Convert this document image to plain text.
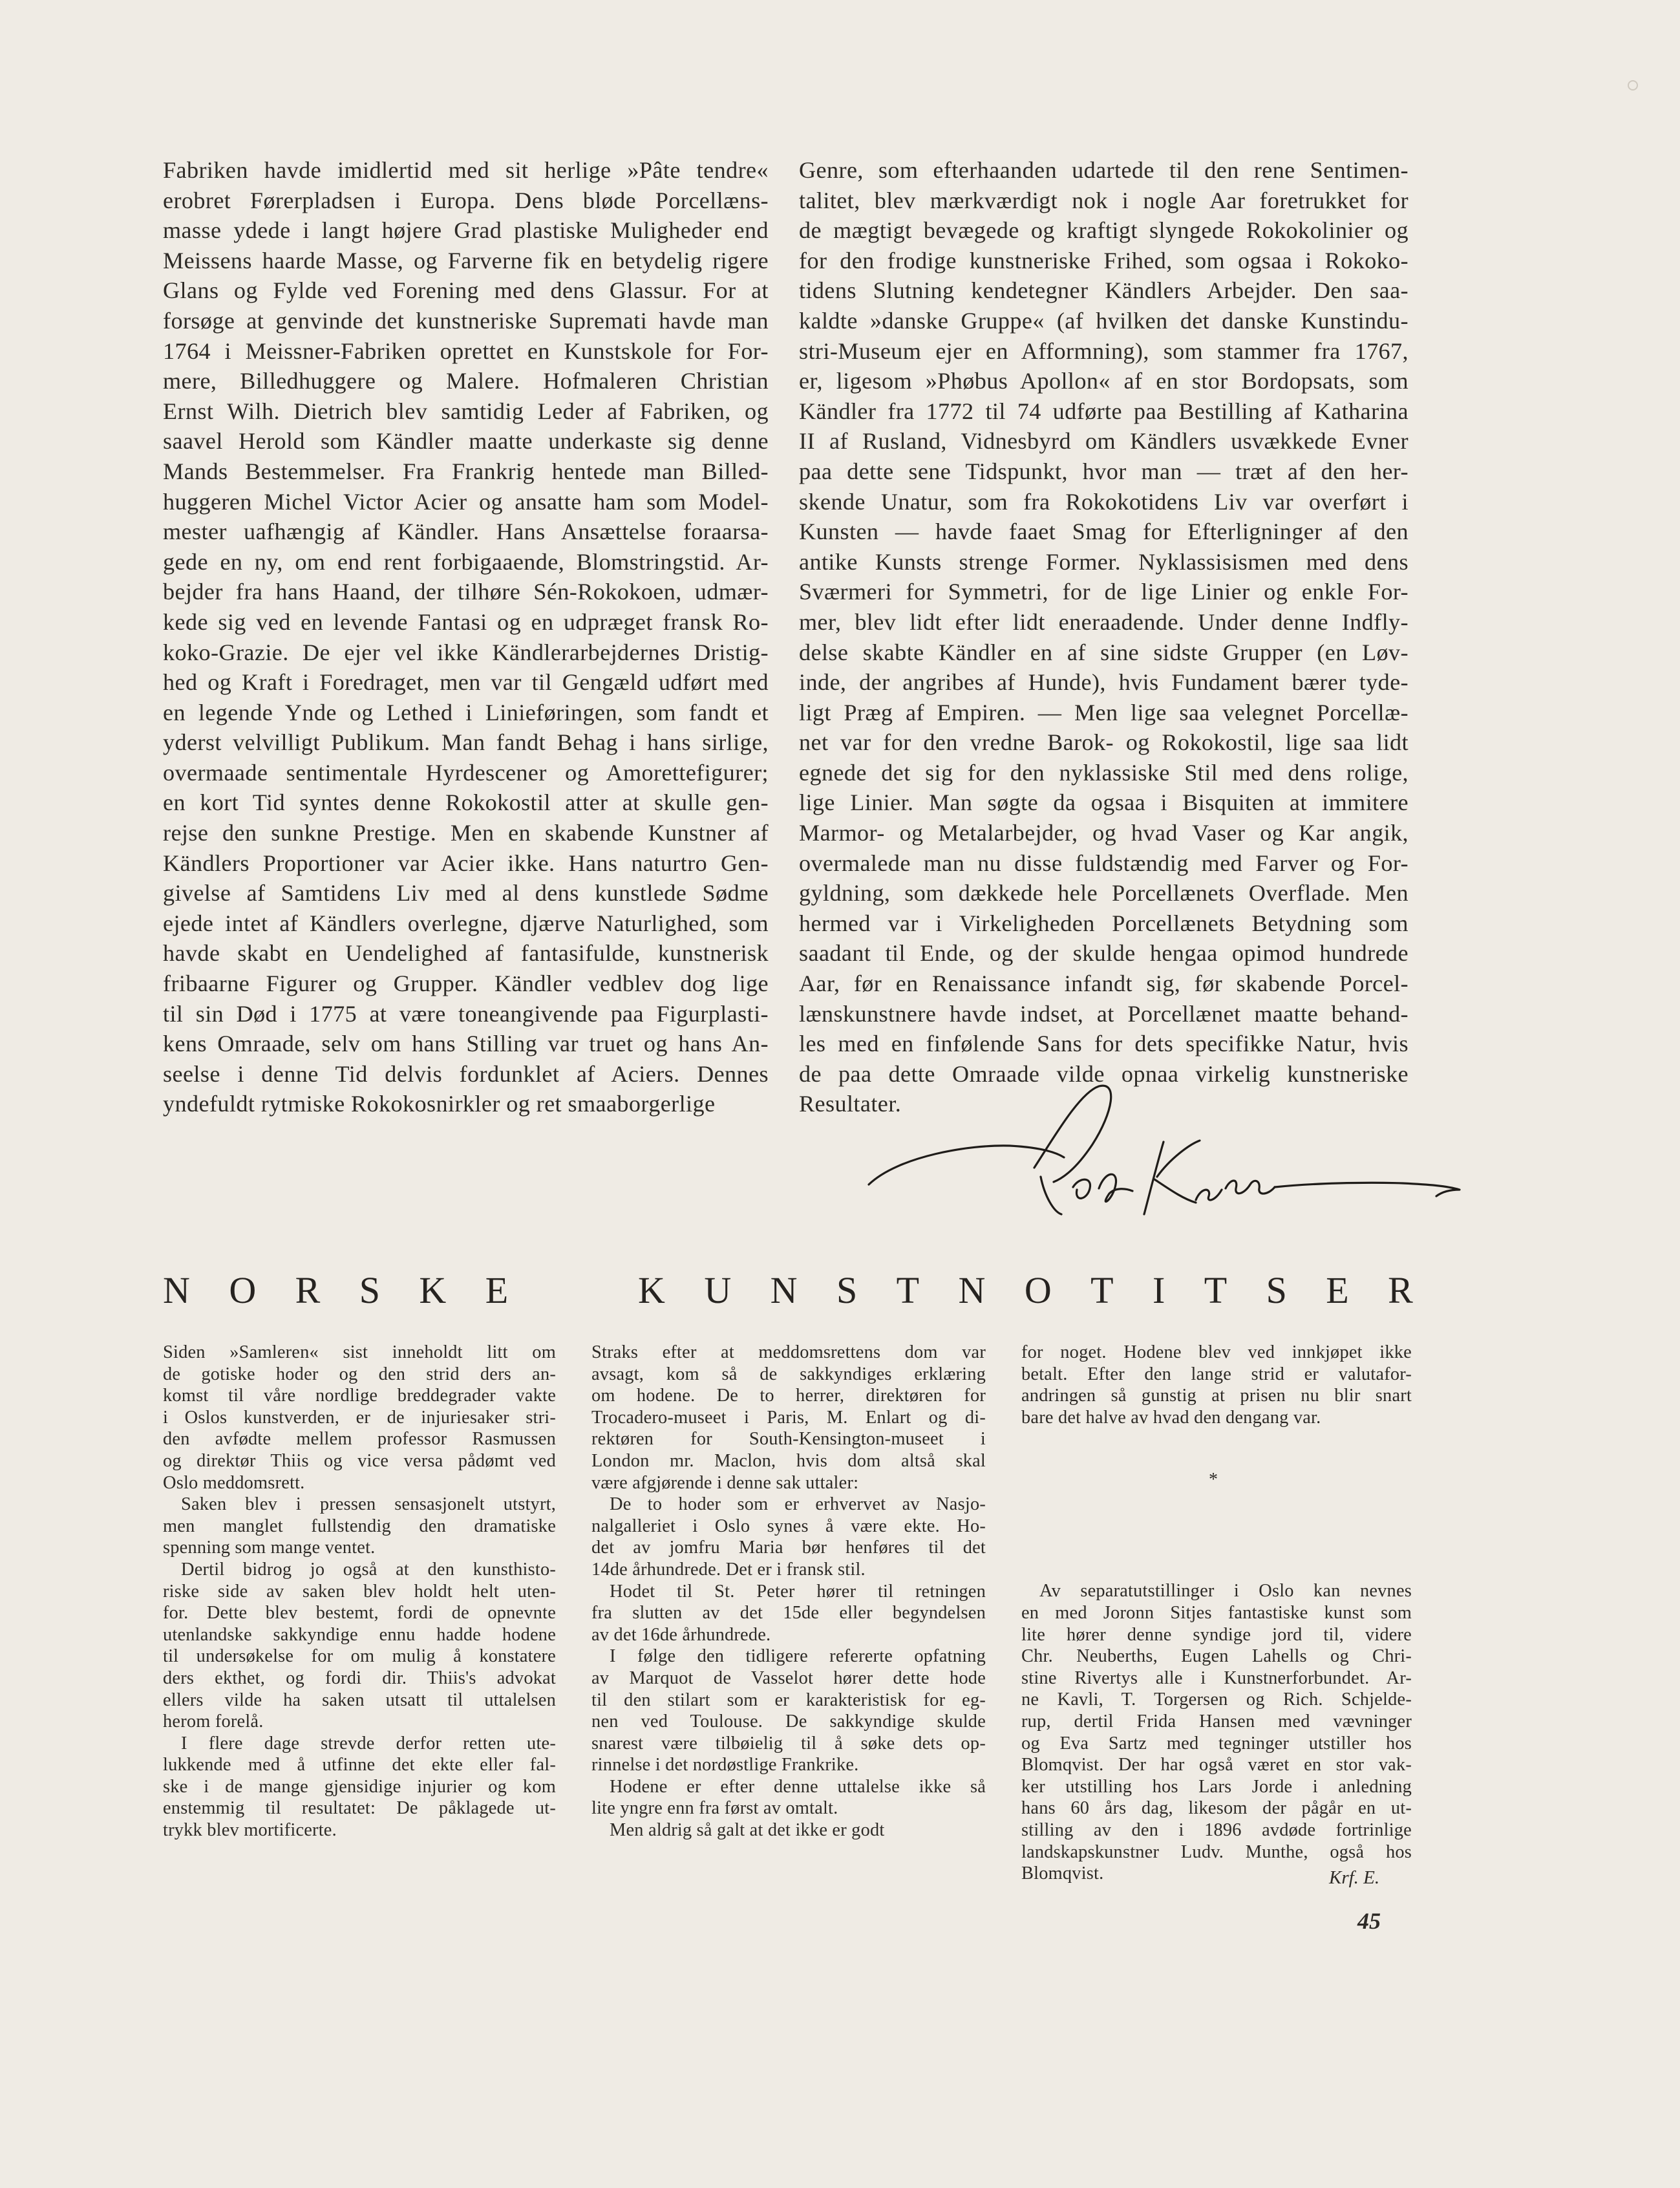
Fabriken havde imidlertid med sit herlige »Pâte tendre«
erobret Førerpladsen i Europa. Dens bløde Porcellæns-
masse ydede i langt højere Grad plastiske Muligheder end
Meissens haarde Masse, og Farverne fik en betydelig rigere
Glans og Fylde ved Forening med dens Glassur. For at
forsøge at genvinde det kunstneriske Supremati havde man
1764 i Meissner-Fabriken oprettet en Kunstskole for For-
mere, Billedhuggere og Malere. Hofmaleren Christian
Ernst Wilh. Dietrich blev samtidig Leder af Fabriken, og
saavel Herold som Kändler maatte underkaste sig denne
Mands Bestemmelser. Fra Frankrig hentede man Billed-
huggeren Michel Victor Acier og ansatte ham som Model-
mester uafhængig af Kändler. Hans Ansættelse foraarsa-
gede en ny, om end rent forbigaaende, Blomstringstid. Ar-
bejder fra hans Haand, der tilhøre Sén-Rokokoen, udmær-
kede sig ved en levende Fantasi og en udpræget fransk Ro-
koko-Grazie. De ejer vel ikke Kändlerarbejdernes Dristig-
hed og Kraft i Foredraget, men var til Gengæld udført med
en legende Ynde og Lethed i Linieføringen, som fandt et
yderst velvilligt Publikum. Man fandt Behag i hans sirlige,
overmaade sentimentale Hyrdescener og Amorettefigurer;
en kort Tid syntes denne Rokokostil atter at skulle gen-
rejse den sunkne Prestige. Men en skabende Kunstner af
Kändlers Proportioner var Acier ikke. Hans naturtro Gen-
givelse af Samtidens Liv med al dens kunstlede Sødme
ejede intet af Kändlers overlegne, djærve Naturlighed, som
havde skabt en Uendelighed af fantasifulde, kunstnerisk
fribaarne Figurer og Grupper. Kändler vedblev dog lige
til sin Død i 1775 at være toneangivende paa Figurplasti-
kens Omraade, selv om hans Stilling var truet og hans An-
seelse i denne Tid delvis fordunklet af Aciers. Dennes
yndefuldt rytmiske Rokokosnirkler og ret smaaborgerlige
Genre, som efterhaanden udartede til den rene Sentimen-
talitet, blev mærkværdigt nok i nogle Aar foretrukket for
de mægtigt bevægede og kraftigt slyngede Rokokolinier og
for den frodige kunstneriske Frihed, som ogsaa i Rokoko-
tidens Slutning kendetegner Kändlers Arbejder. Den saa-
kaldte »danske Gruppe« (af hvilken det danske Kunstindu-
stri-Museum ejer en Afformning), som stammer fra 1767,
er, ligesom »Phøbus Apollon« af en stor Bordopsats, som
Kändler fra 1772 til 74 udførte paa Bestilling af Katharina
II af Rusland, Vidnesbyrd om Kändlers usvækkede Evner
paa dette sene Tidspunkt, hvor man — træt af den her-
skende Unatur, som fra Rokokotidens Liv var overført i
Kunsten — havde faaet Smag for Efterligninger af den
antike Kunsts strenge Former. Nyklassisismen med dens
Sværmeri for Symmetri, for de lige Linier og enkle For-
mer, blev lidt efter lidt eneraadende. Under denne Indfly-
delse skabte Kändler en af sine sidste Grupper (en Løv-
inde, der angribes af Hunde), hvis Fundament bærer tyde-
ligt Præg af Empiren. — Men lige saa velegnet Porcellæ-
net var for den vredne Barok- og Rokokostil, lige saa lidt
egnede det sig for den nyklassiske Stil med dens rolige,
lige Linier. Man søgte da ogsaa i Bisquiten at immitere
Marmor- og Metalarbejder, og hvad Vaser og Kar angik,
overmalede man nu disse fuldstændig med Farver og For-
gyldning, som dækkede hele Porcellænets Overflade. Men
hermed var i Virkeligheden Porcellænets Betydning som
saadant til Ende, og der skulde hengaa opimod hundrede
Aar, før en Renaissance infandt sig, før skabende Porcel-
lænskunstnere havde indset, at Porcellænet maatte behand-
les med en finfølende Sans for dets specifikke Natur, hvis
de paa dette Omraade vilde opnaa virkelig kunstneriske
Resultater.
N O R S K E	K U N S T N O T I T S E R
Siden »Samleren« sist inneholdt litt om
de gotiske hoder og den strid ders an-
komst til våre nordlige breddegrader vakte
i Oslos kunstverden, er de injuriesaker stri-
den avfødte mellem professor Rasmussen
og direktør Thiis og vice versa pådømt ved
Oslo meddomsrett.
Saken blev i pressen sensasjonelt utstyrt,
men manglet fullstendig den dramatiske
spenning som mange ventet.
Dertil bidrog jo også at den kunsthisto-
riske side av saken blev holdt helt uten-
for. Dette blev bestemt, fordi de opnevnte
utenlandske sakkyndige ennu hadde hodene
til undersøkelse for om mulig å konstatere
ders ekthet, og fordi dir. Thiis's advokat
ellers vilde ha saken utsatt til uttalelsen
herom forelå.
I flere dage strevde derfor retten ute-
lukkende med å utfinne det ekte eller fal-
ske i de mange gjensidige injurier og kom
enstemmig til resultatet: De påklagede ut-
trykk blev mortificerte.
Straks efter at meddomsrettens dom var
avsagt, kom så de sakkyndiges erklæring
om hodene. De to herrer, direktøren for
Trocadero-museet i Paris, M. Enlart og di-
rektøren for South-Kensington-museet i
London mr. Maclon, hvis dom altså skal
være afgjørende i denne sak uttaler:
De to hoder som er erhvervet av Nasjo-
nalgalleriet i Oslo synes å være ekte. Ho-
det av jomfru Maria bør henføres til det
14de århundrede. Det er i fransk stil.
Hodet til St. Peter hører til retningen
fra slutten av det 15de eller begyndelsen
av det 16de århundrede.
I følge den tidligere refererte opfatning
av Marquot de Vasselot hører dette hode
til den stilart som er karakteristisk for eg-
nen ved Toulouse. De sakkyndige skulde
snarest være tilbøielig til å søke dets op-
rinnelse i det nordøstlige Frankrike.
Hodene er efter denne uttalelse ikke så
lite yngre enn fra først av omtalt.
Men aldrig så galt at det ikke er godt
for noget. Hodene blev ved innkjøpet ikke
betalt. Efter den lange strid er valutafor-
andringen så gunstig at prisen nu blir snart
bare det halve av hvad den dengang var.
Av separatutstillinger i Oslo kan nevnes
en med Joronn Sitjes fantastiske kunst som
lite hører denne syndige jord til, videre
Chr. Neuberths, Eugen Lahells og Chri-
stine Rivertys alle i Kunstnerforbundet. Ar-
ne Kavli, T. Torgersen og Rich. Schjelde-
rup, dertil Frida Hansen med vævninger
og Eva Sartz med tegninger utstiller hos
Blomqvist. Der har også været en stor vak-
ker utstilling hos Lars Jorde i anledning
hans 60 års dag, likesom der pågår en ut-
stilling av den i 1896 avdøde fortrinlige
landskapskunstner Ludv. Munthe, også hos
Blomqvist.
*
Krf. E.
45
